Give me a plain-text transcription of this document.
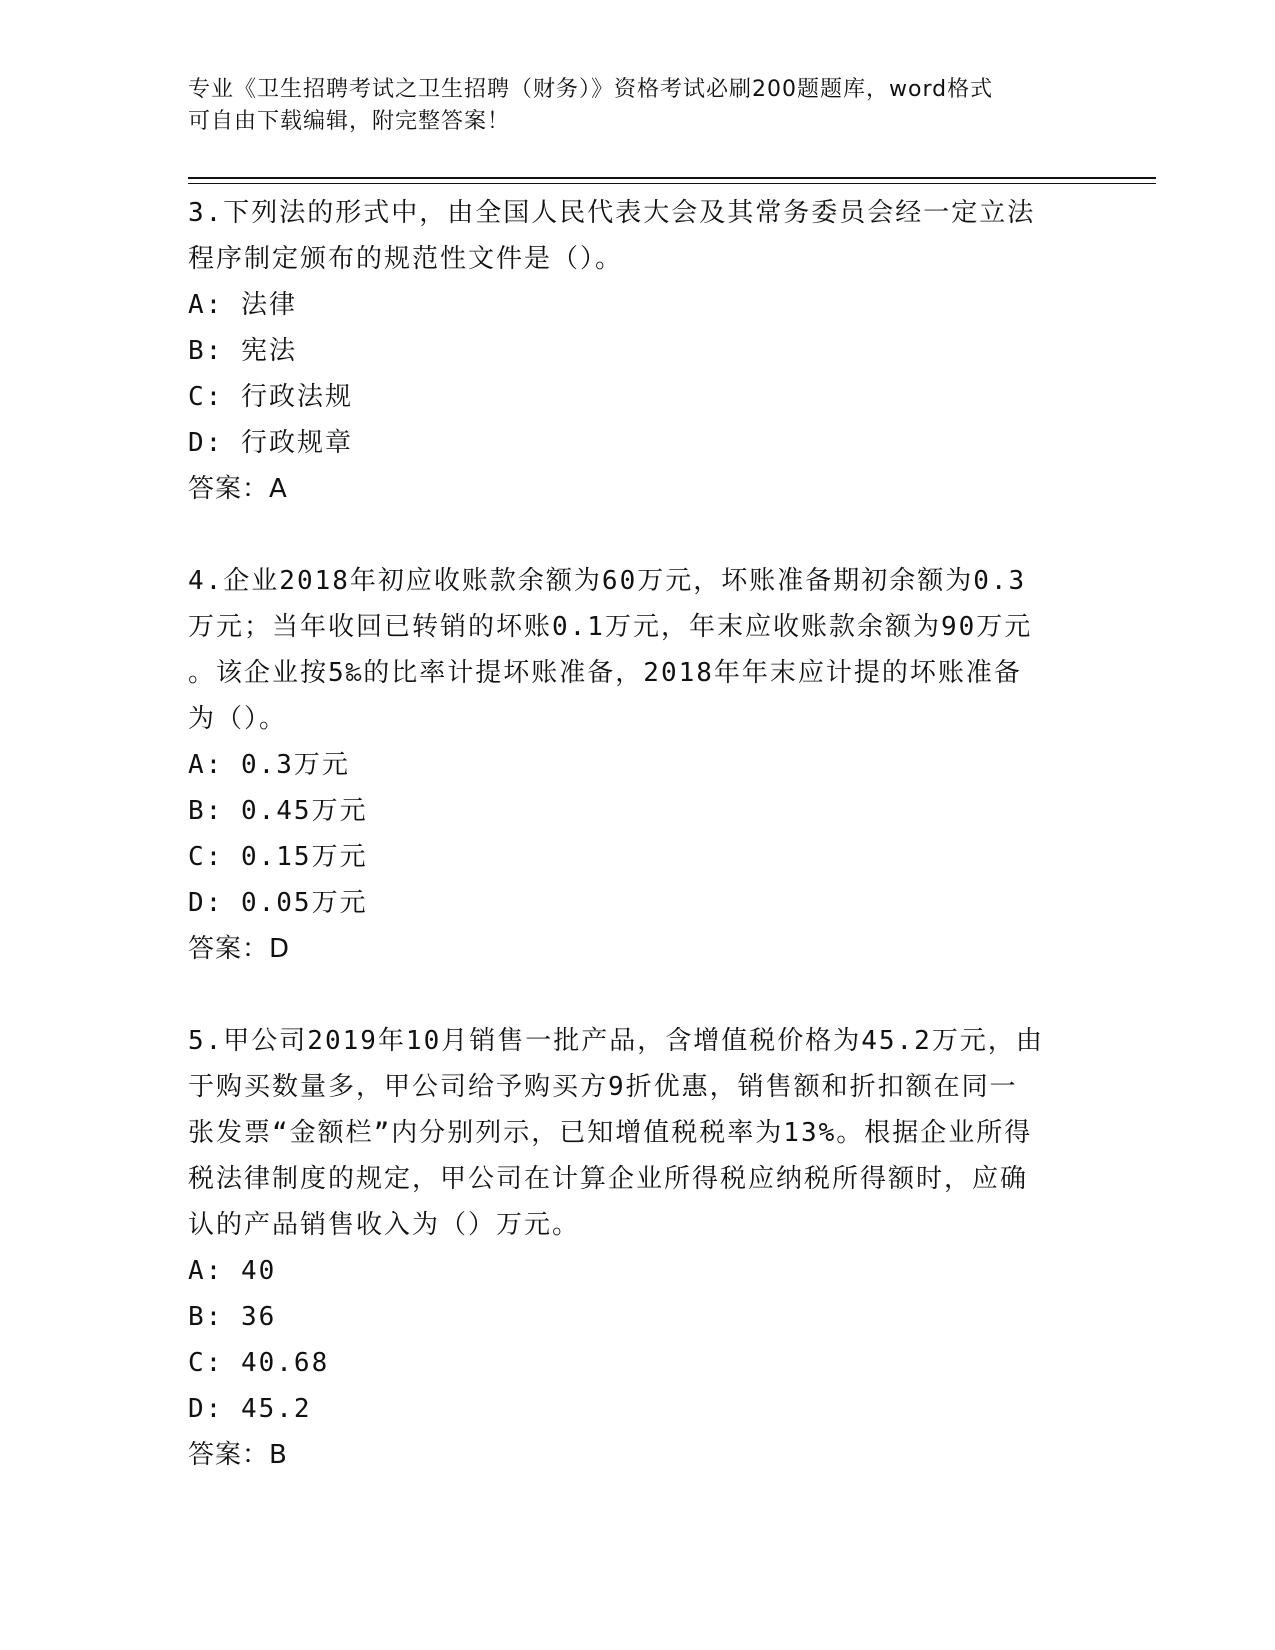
专业《卫生招聘考试之卫生招聘（财务）》资格考试必刷200题题库，word格式
可自由下载编辑，附完整答案！
3.下列法的形式中，由全国人民代表大会及其常务委员会经一定立法
程序制定颁布的规范性文件是（）。
A: 法律
B: 宪法
C: 行政法规
D: 行政规章
答案：A
4.企业2018年初应收账款余额为60万元，坏账准备期初余额为0.3
万元；当年收回已转销的坏账0.1万元，年末应收账款余额为90万元
。该企业按5‰的比率计提坏账准备，2018年年末应计提的坏账准备
为（）。
A: 0.3万元
B: 0.45万元
C: 0.15万元
D: 0.05万元
答案：D
5.甲公司2019年10月销售一批产品，含增值税价格为45.2万元，由
于购买数量多，甲公司给予购买方9折优惠，销售额和折扣额在同一
张发票“金额栏”内分别列示，已知增值税税率为13%。根据企业所得
税法律制度的规定，甲公司在计算企业所得税应纳税所得额时，应确
认的产品销售收入为（）万元。
A: 40
B: 36
C: 40.68
D: 45.2
答案：B
